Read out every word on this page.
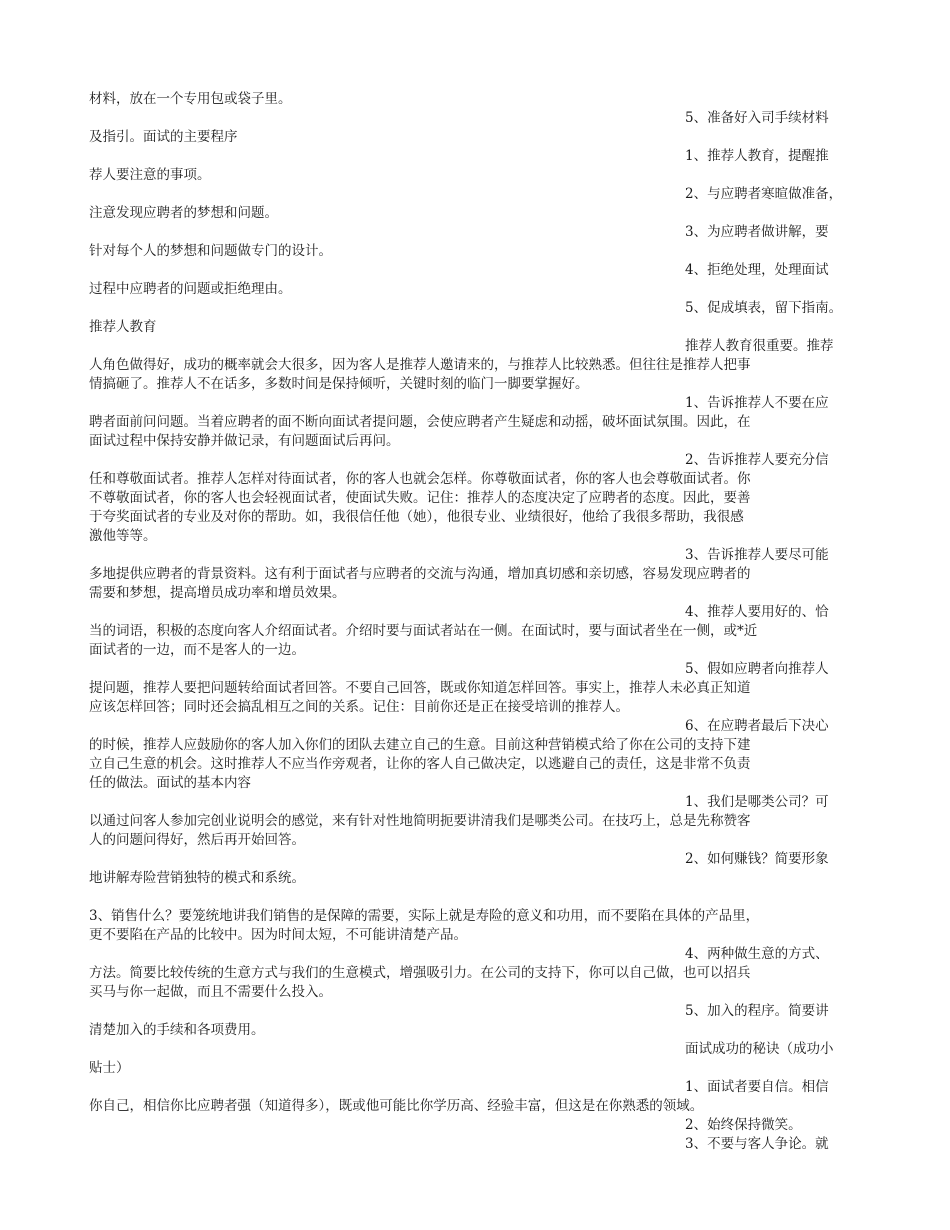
材料，放在一个专用包或袋子里。
5、准备好入司手续材料
及指引。面试的主要程序
1、推荐人教育，提醒推
荐人要注意的事项。
2、与应聘者寒暄做准备，
注意发现应聘者的梦想和问题。
3、为应聘者做讲解，要
针对每个人的梦想和问题做专门的设计。
4、拒绝处理，处理面试
过程中应聘者的问题或拒绝理由。
5、促成填表，留下指南。
推荐人教育
推荐人教育很重要。推荐
人角色做得好，成功的概率就会大很多，因为客人是推荐人邀请来的，与推荐人比较熟悉。但往往是推荐人把事
情搞砸了。推荐人不在话多，多数时间是保持倾听，关键时刻的临门一脚要掌握好。
1、告诉推荐人不要在应
聘者面前问问题。当着应聘者的面不断向面试者提问题，会使应聘者产生疑虑和动摇，破坏面试氛围。因此，在
面试过程中保持安静并做记录，有问题面试后再问。
2、告诉推荐人要充分信
任和尊敬面试者。推荐人怎样对待面试者，你的客人也就会怎样。你尊敬面试者，你的客人也会尊敬面试者。你
不尊敬面试者，你的客人也会轻视面试者，使面试失败。记住：推荐人的态度决定了应聘者的态度。因此，要善
于夸奖面试者的专业及对你的帮助。如，我很信任他（她），他很专业、业绩很好，他给了我很多帮助，我很感
激他等等。
3、告诉推荐人要尽可能
多地提供应聘者的背景资料。这有利于面试者与应聘者的交流与沟通，增加真切感和亲切感，容易发现应聘者的
需要和梦想，提高增员成功率和增员效果。
4、推荐人要用好的、恰
当的词语，积极的态度向客人介绍面试者。介绍时要与面试者站在一侧。在面试时，要与面试者坐在一侧，或*近
面试者的一边，而不是客人的一边。
5、假如应聘者向推荐人
提问题，推荐人要把问题转给面试者回答。不要自己回答，既或你知道怎样回答。事实上，推荐人未必真正知道
应该怎样回答；同时还会搞乱相互之间的关系。记住：目前你还是正在接受培训的推荐人。
6、在应聘者最后下决心
的时候，推荐人应鼓励你的客人加入你们的团队去建立自己的生意。目前这种营销模式给了你在公司的支持下建
立自己生意的机会。这时推荐人不应当作旁观者，让你的客人自己做决定，以逃避自己的责任，这是非常不负责
任的做法。面试的基本内容
1、我们是哪类公司？可
以通过问客人参加完创业说明会的感觉，来有针对性地简明扼要讲清我们是哪类公司。在技巧上，总是先称赞客
人的问题问得好，然后再开始回答。
2、如何赚钱？简要形象
地讲解寿险营销独特的模式和系统。
3、销售什么？要笼统地讲我们销售的是保障的需要，实际上就是寿险的意义和功用，而不要陷在具体的产品里，
更不要陷在产品的比较中。因为时间太短，不可能讲清楚产品。
4、两种做生意的方式、
方法。简要比较传统的生意方式与我们的生意模式，增强吸引力。在公司的支持下，你可以自己做，也可以招兵
买马与你一起做，而且不需要什么投入。
5、加入的程序。简要讲
清楚加入的手续和各项费用。
面试成功的秘诀（成功小
贴士）
1、面试者要自信。相信
你自己，相信你比应聘者强（知道得多），既或他可能比你学历高、经验丰富，但这是在你熟悉的领域。
2、始终保持微笑。
3、不要与客人争论。就
